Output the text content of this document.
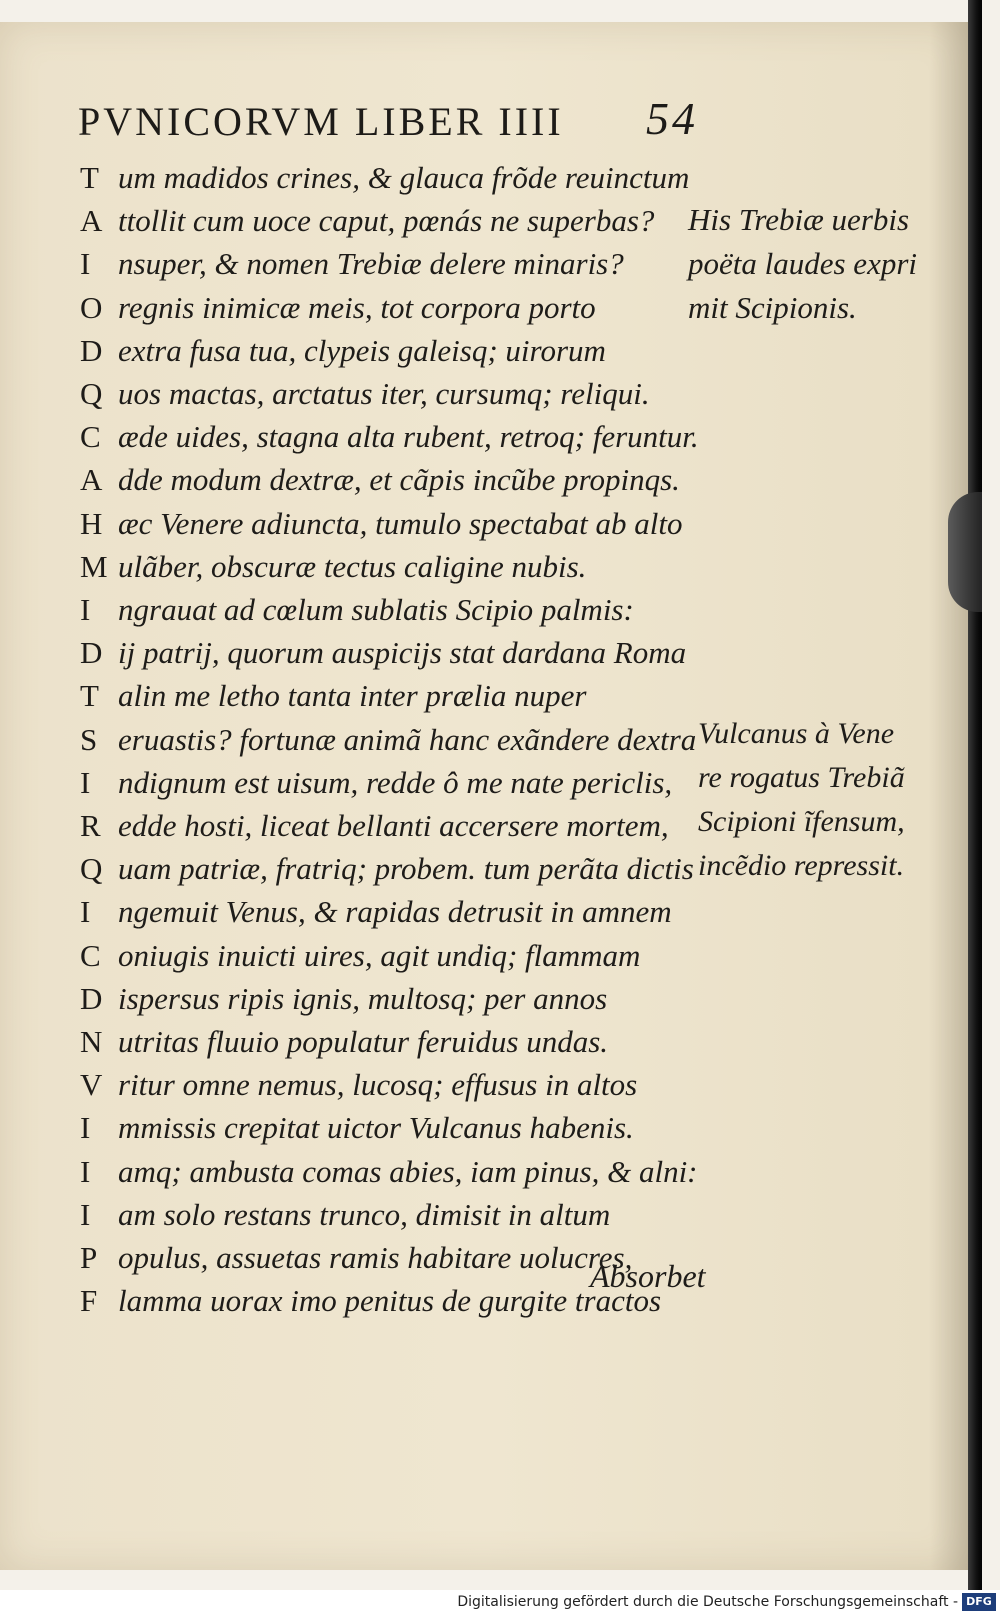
PVNICORVM LIBER IIII 54
T um madidos crines, & glauca frõde reuinctum
A ttollit cum uoce caput, pœnás ne superbas?
I nsuper, & nomen Trebiæ delere minaris?
O regnis inimicæ meis, tot corpora porto
D extra fusa tua, clypeis galeisq; uirorum
Q uos mactas, arctatus iter, cursumq; reliqui.
C æde uides, stagna alta rubent, retroq; feruntur.
A dde modum dextræ, et cãpis incũbe propinqs.
H æc Venere adiuncta, tumulo spectabat ab alto
M ulãber, obscuræ tectus caligine nubis.
I ngrauat ad cœlum sublatis Scipio palmis:
D ij patrij, quorum auspicijs stat dardana Roma
T alin me letho tanta inter prælia nuper
S eruastis? fortunæ animã hanc exãndere dextra
I ndignum est uisum, redde ô me nate periclis,
R edde hosti, liceat bellanti accersere mortem,
Q uam patriæ, fratriq; probem. tum perãta dictis
I ngemuit Venus, & rapidas detrusit in amnem
C oniugis inuicti uires, agit undiq; flammam
D ispersus ripis ignis, multosq; per annos
N utritas fluuio populatur feruidus undas.
V ritur omne nemus, lucosq; effusus in altos
I mmissis crepitat uictor Vulcanus habenis.
I amq; ambusta comas abies, iam pinus, & alni:
I am solo restans trunco, dimisit in altum
P opulus, assuetas ramis habitare uolucres,
F lamma uorax imo penitus de gurgite tractos
His Trebiæ uerbis
poëta laudes expri
mit Scipionis.
Vulcanus à Vene
re rogatus Trebiã
Scipioni ĩfensum,
incẽdio repressit.
Absorbet
Digitalisierung gefördert durch die Deutsche Forschungsgemeinschaft - DFG
